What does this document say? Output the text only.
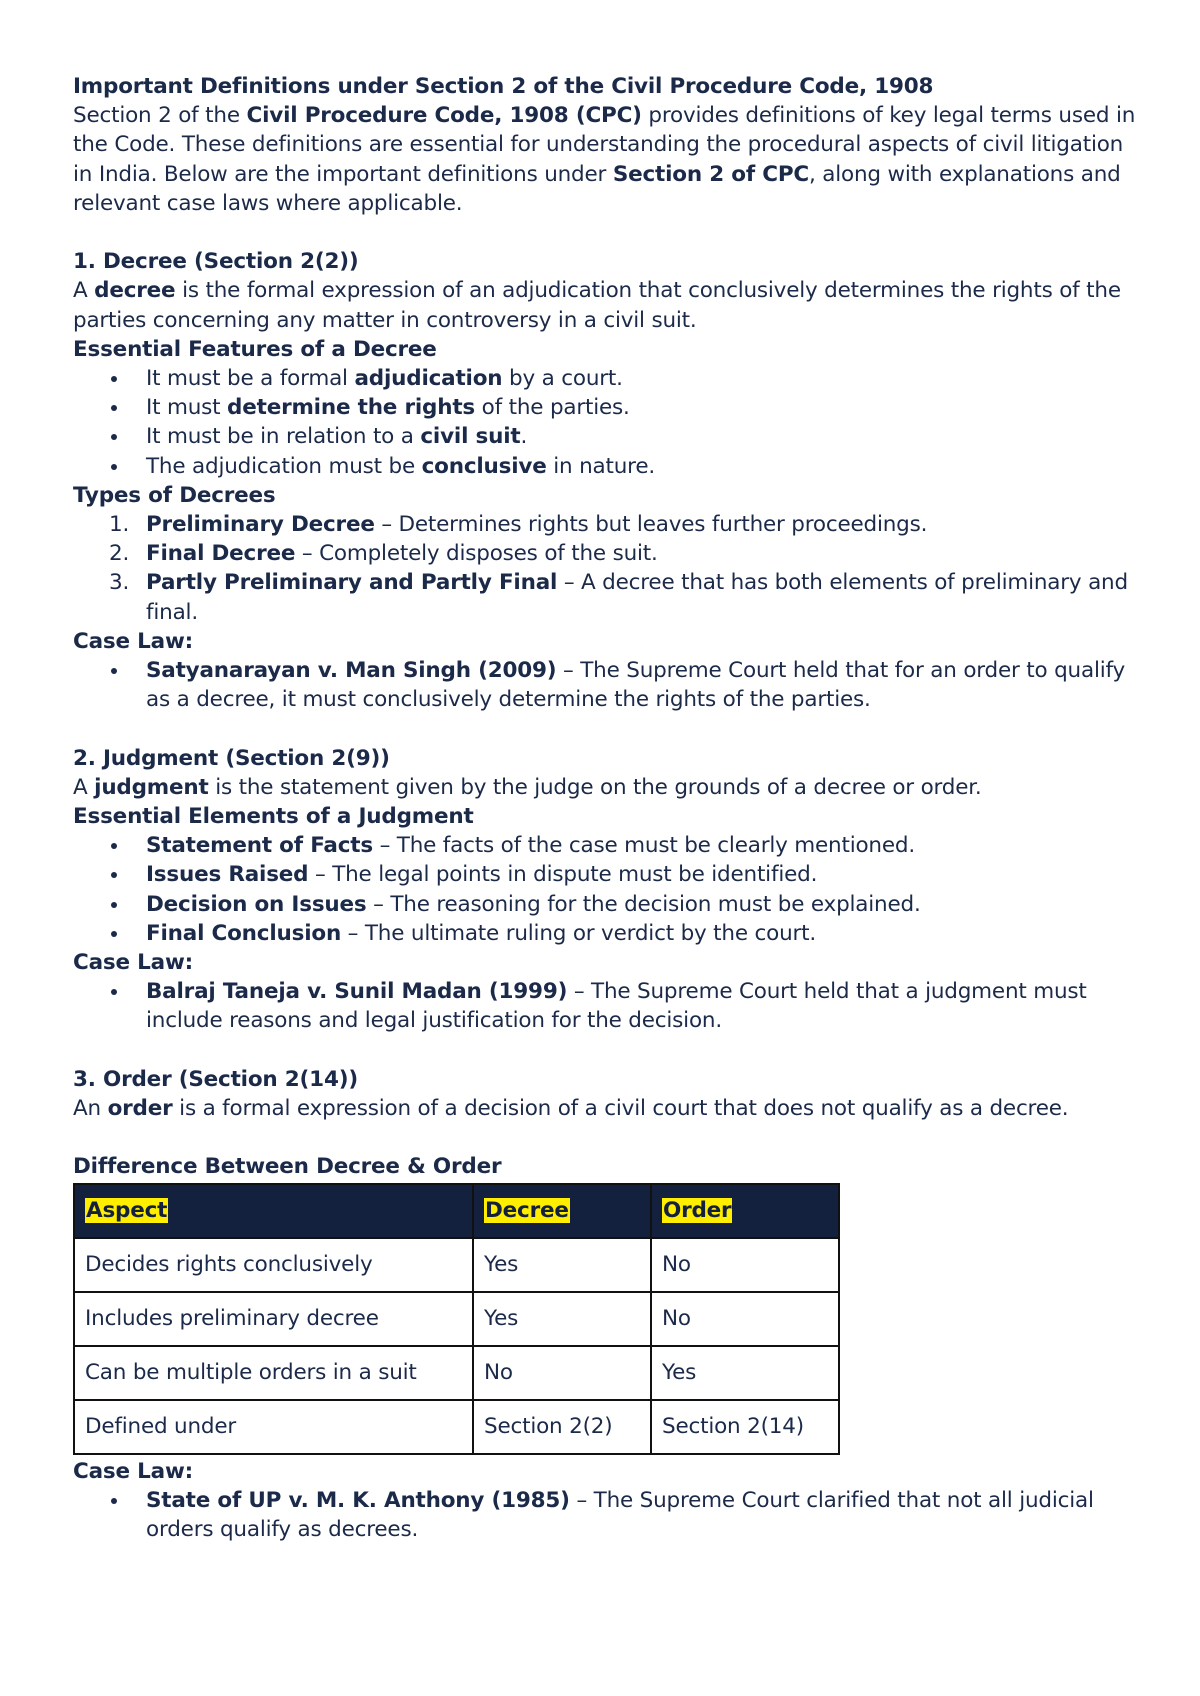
Important Definitions under Section 2 of the Civil Procedure Code, 1908

Section 2 of the Civil Procedure Code, 1908 (CPC) provides definitions of key legal terms used in the Code. These definitions are essential for understanding the procedural aspects of civil litigation in India. Below are the important definitions under Section 2 of CPC, along with explanations and relevant case laws where applicable.

1. Decree (Section 2(2))

A decree is the formal expression of an adjudication that conclusively determines the rights of the parties concerning any matter in controversy in a civil suit.

Essential Features of a Decree

It must be a formal adjudication by a court.
It must determine the rights of the parties.
It must be in relation to a civil suit.
The adjudication must be conclusive in nature.

Types of Decrees

1. Preliminary Decree – Determines rights but leaves further proceedings.
2. Final Decree – Completely disposes of the suit.
3. Partly Preliminary and Partly Final – A decree that has both elements of preliminary and final.

Case Law:

Satyanarayan v. Man Singh (2009) – The Supreme Court held that for an order to qualify as a decree, it must conclusively determine the rights of the parties.

2. Judgment (Section 2(9))

A judgment is the statement given by the judge on the grounds of a decree or order.

Essential Elements of a Judgment

Statement of Facts – The facts of the case must be clearly mentioned.
Issues Raised – The legal points in dispute must be identified.
Decision on Issues – The reasoning for the decision must be explained.
Final Conclusion – The ultimate ruling or verdict by the court.

Case Law:

Balraj Taneja v. Sunil Madan (1999) – The Supreme Court held that a judgment must include reasons and legal justification for the decision.

3. Order (Section 2(14))

An order is a formal expression of a decision of a civil court that does not qualify as a decree.

Difference Between Decree & Order

Aspect	Decree	Order
Decides rights conclusively	Yes	No
Includes preliminary decree	Yes	No
Can be multiple orders in a suit	No	Yes
Defined under	Section 2(2)	Section 2(14)

Case Law:

State of UP v. M. K. Anthony (1985) – The Supreme Court clarified that not all judicial orders qualify as decrees.
